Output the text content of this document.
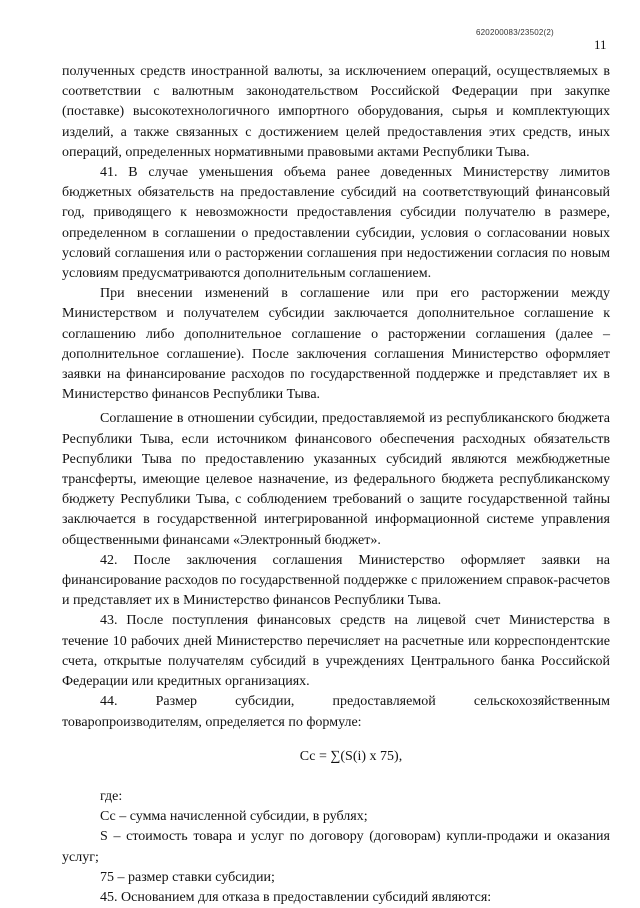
620200083/23502(2)
11

полученных средств иностранной валюты, за исключением операций, осуществляемых в соответствии с валютным законодательством Российской Федерации при закупке (поставке) высокотехнологичного импортного оборудования, сырья и комплектующих изделий, а также связанных с достижением целей предоставления этих средств, иных операций, определенных нормативными правовыми актами Республики Тыва.

41. В случае уменьшения объема ранее доведенных Министерству лимитов бюджетных обязательств на предоставление субсидий на соответствующий финансовый год, приводящего к невозможности предоставления субсидии получателю в размере, определенном в соглашении о предоставлении субсидии, условия о согласовании новых условий соглашения или о расторжении соглашения при недостижении согласия по новым условиям предусматриваются дополнительным соглашением.

При внесении изменений в соглашение или при его расторжении между Министерством и получателем субсидии заключается дополнительное соглашение к соглашению либо дополнительное соглашение о расторжении соглашения (далее – дополнительное соглашение). После заключения соглашения Министерство оформляет заявки на финансирование расходов по государственной поддержке и представляет их в Министерство финансов Республики Тыва.

Соглашение в отношении субсидии, предоставляемой из республиканского бюджета Республики Тыва, если источником финансового обеспечения расходных обязательств Республики Тыва по предоставлению указанных субсидий являются межбюджетные трансферты, имеющие целевое назначение, из федерального бюджета республиканскому бюджету Республики Тыва, с соблюдением требований о защите государственной тайны заключается в государственной интегрированной информационной системе управления общественными финансами «Электронный бюджет».

42. После заключения соглашения Министерство оформляет заявки на финансирование расходов по государственной поддержке с приложением справок-расчетов и представляет их в Министерство финансов Республики Тыва.

43. После поступления финансовых средств на лицевой счет Министерства в течение 10 рабочих дней Министерство перечисляет на расчетные или корреспондентские счета, открытые получателям субсидий в учреждениях Центрального банка Российской Федерации или кредитных организациях.

44. Размер субсидии, предоставляемой сельскохозяйственным товаропроизводителям, определяется по формуле:

Сс = ∑(S(i) x 75),

где:

Сс – сумма начисленной субсидии, в рублях;

S – стоимость товара и услуг по договору (договорам) купли-продажи и оказания услуг;

75 – размер ставки субсидии;

45. Основанием для отказа в предоставлении субсидий являются:
